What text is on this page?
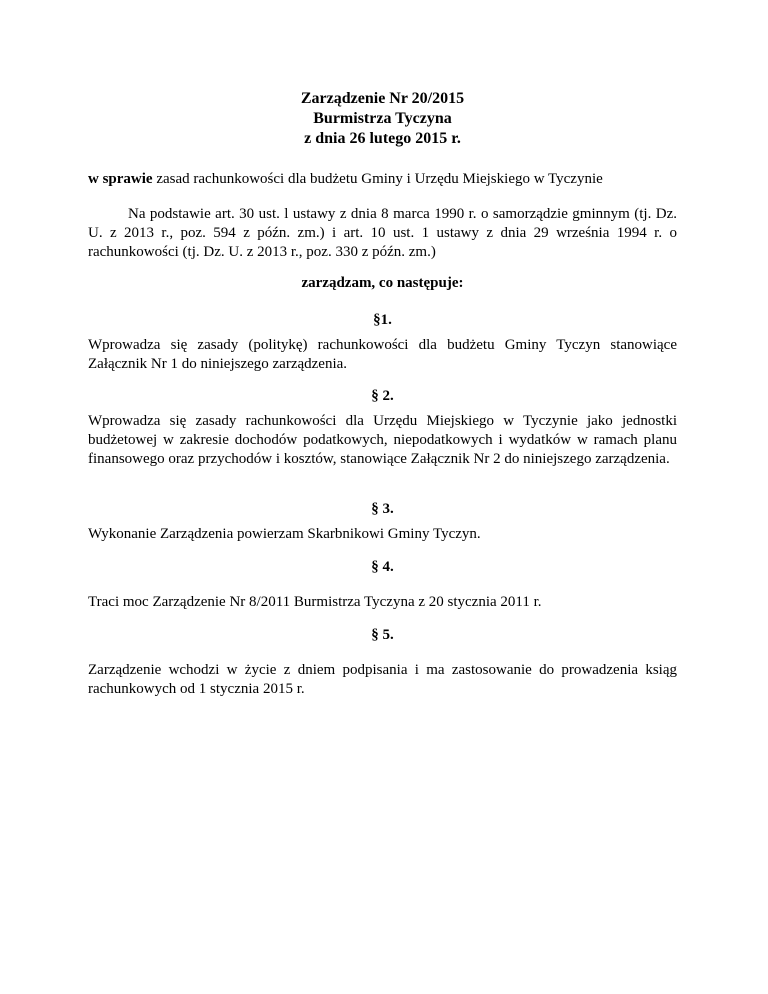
Zarządzenie Nr 20/2015
Burmistrza Tyczyna
z dnia 26 lutego 2015 r.
w sprawie zasad rachunkowości dla budżetu Gminy i Urzędu Miejskiego w Tyczynie
Na podstawie art. 30 ust. l ustawy z dnia 8 marca 1990 r. o samorządzie gminnym (tj. Dz. U. z 2013 r., poz. 594 z późn. zm.) i art. 10 ust. 1 ustawy z dnia 29 września 1994 r. o rachunkowości (tj. Dz. U. z 2013 r., poz. 330 z późn. zm.)
zarządzam, co następuje:
§1.
Wprowadza się zasady (politykę) rachunkowości dla budżetu Gminy Tyczyn stanowiące Załącznik Nr 1 do niniejszego zarządzenia.
§ 2.
Wprowadza się zasady rachunkowości dla Urzędu Miejskiego w Tyczynie jako jednostki budżetowej w zakresie dochodów podatkowych, niepodatkowych i wydatków w ramach planu finansowego oraz przychodów i kosztów, stanowiące Załącznik Nr 2 do niniejszego zarządzenia.
§ 3.
Wykonanie Zarządzenia powierzam Skarbnikowi Gminy Tyczyn.
§ 4.
Traci moc Zarządzenie Nr 8/2011 Burmistrza Tyczyna z 20 stycznia 2011 r.
§ 5.
Zarządzenie wchodzi w życie z dniem podpisania i ma zastosowanie do prowadzenia ksiąg rachunkowych od 1 stycznia 2015 r.
